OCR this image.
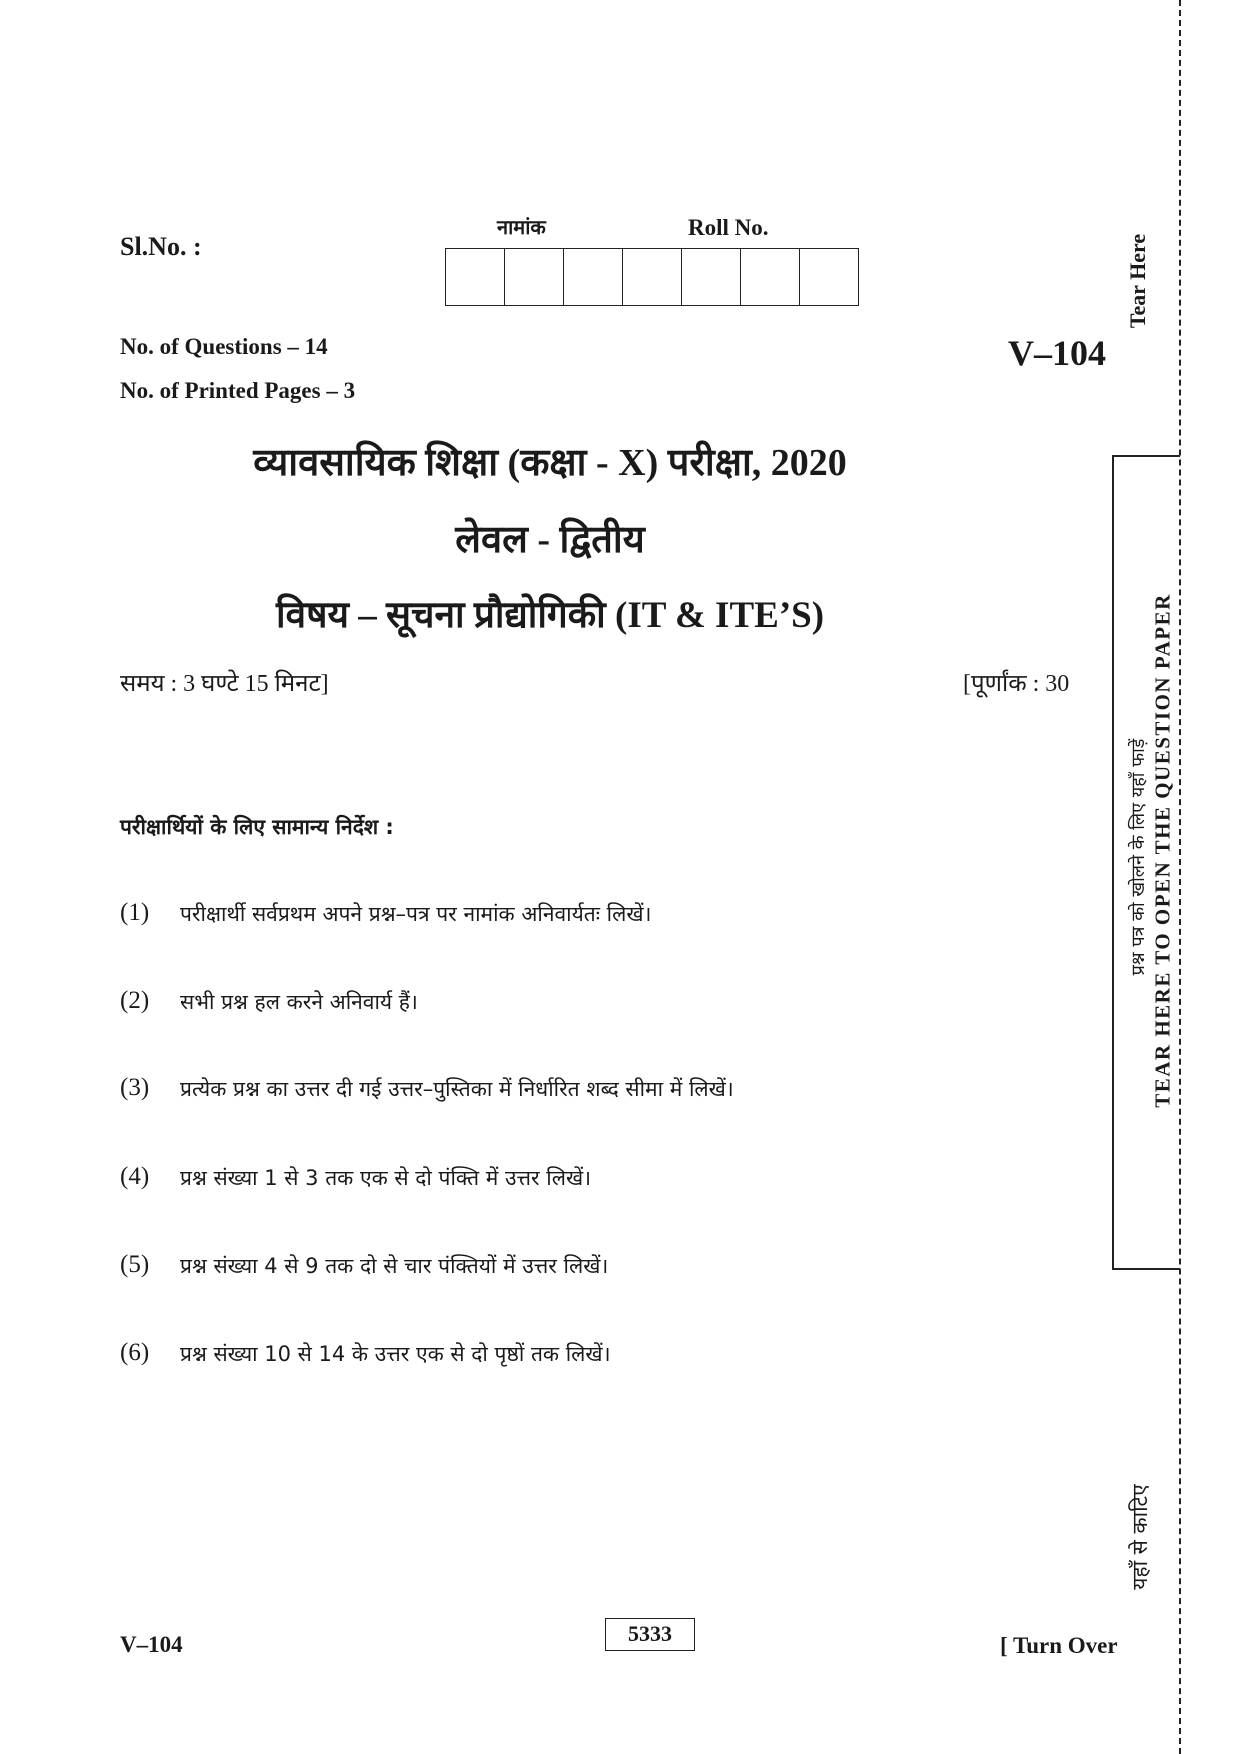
Tear Here
TEAR HERE TO OPEN THE QUESTION PAPER
प्रश्न पत्र को खोलने के लिए यहाँ फाड़ें
यहाँ से काटिए
Sl.No. :
नामांक	Roll No.
No. of Questions – 14
No. of Printed Pages – 3
V–104
व्यावसायिक शिक्षा (कक्षा - X) परीक्षा, 2020
लेवल - द्वितीय
विषय – सूचना प्रौद्योगिकी (IT & ITE’S)
समय : 3 घण्टे 15 मिनट]	[पूर्णांक : 30
परीक्षार्थियों के लिए सामान्य निर्देश :
(1)	परीक्षार्थी सर्वप्रथम अपने प्रश्न–पत्र पर नामांक अनिवार्यतः लिखें।
(2)	सभी प्रश्न हल करने अनिवार्य हैं।
(3)	प्रत्येक प्रश्न का उत्तर दी गई उत्तर–पुस्तिका में निर्धारित शब्द सीमा में लिखें।
(4)	प्रश्न संख्या 1 से 3 तक एक से दो पंक्ति में उत्तर लिखें।
(5)	प्रश्न संख्या 4 से 9 तक दो से चार पंक्तियों में उत्तर लिखें।
(6)	प्रश्न संख्या 10 से 14 के उत्तर एक से दो पृष्ठों तक लिखें।
V–104	5333	[ Turn Over
